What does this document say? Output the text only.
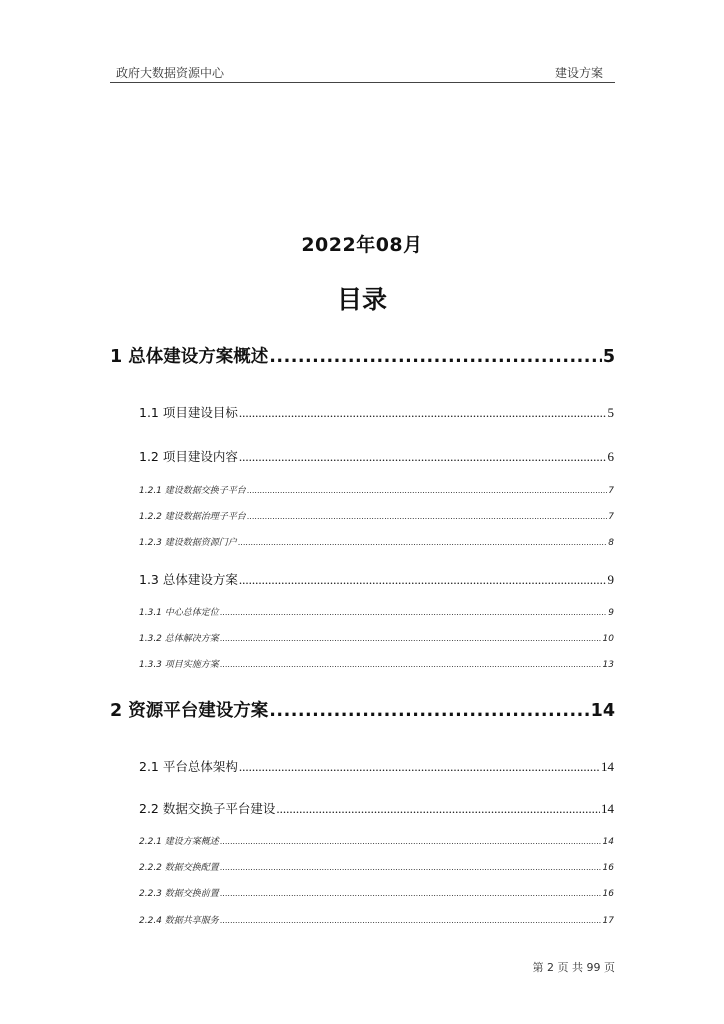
政府大数据资源中心	建设方案
2022年08月
目录
1 总体建设方案概述 .....	5
1.1 项目建设目标 .....	5
1.2 项目建设内容 .....	6
1.2.1 建设数据交换子平台 .....	7
1.2.2 建设数据治理子平台 .....	7
1.2.3 建设数据资源门户 .....	8
1.3 总体建设方案 .....	9
1.3.1 中心总体定位 .....	9
1.3.2 总体解决方案 .....	10
1.3.3 项目实施方案 .....	13
2 资源平台建设方案 .....	14
2.1 平台总体架构 .....	14
2.2 数据交换子平台建设 .....	14
2.2.1 建设方案概述 .....	14
2.2.2 数据交换配置 .....	16
2.2.3 数据交换前置 .....	16
2.2.4 数据共享服务 .....	17
第 2 页 共 99 页
